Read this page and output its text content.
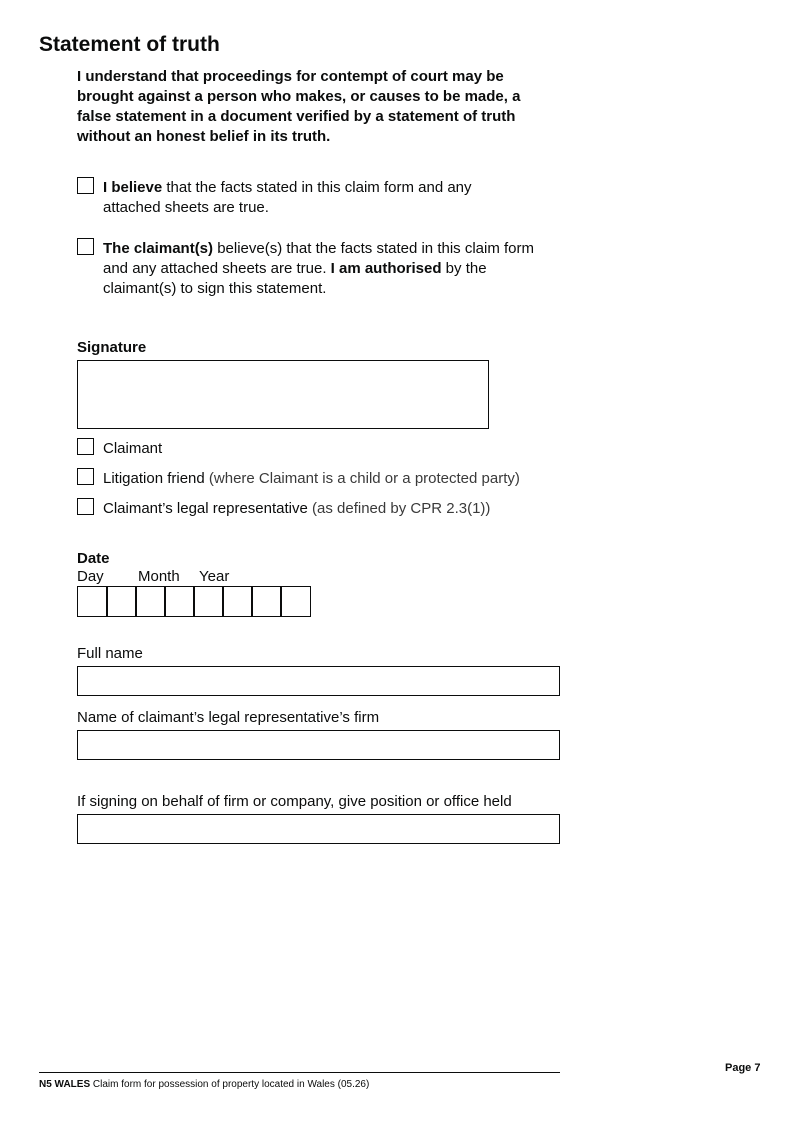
Statement of truth
I understand that proceedings for contempt of court may be brought against a person who makes, or causes to be made, a false statement in a document verified by a statement of truth without an honest belief in its truth.
I believe that the facts stated in this claim form and any attached sheets are true.
The claimant(s) believe(s) that the facts stated in this claim form and any attached sheets are true. I am authorised by the claimant(s) to sign this statement.
Signature
Claimant
Litigation friend (where Claimant is a child or a protected party)
Claimant’s legal representative (as defined by CPR 2.3(1))
Date
Day Month Year
Full name
Name of claimant’s legal representative’s firm
If signing on behalf of firm or company, give position or office held
Page 7
N5 WALES Claim form for possession of property located in Wales (05.26)
